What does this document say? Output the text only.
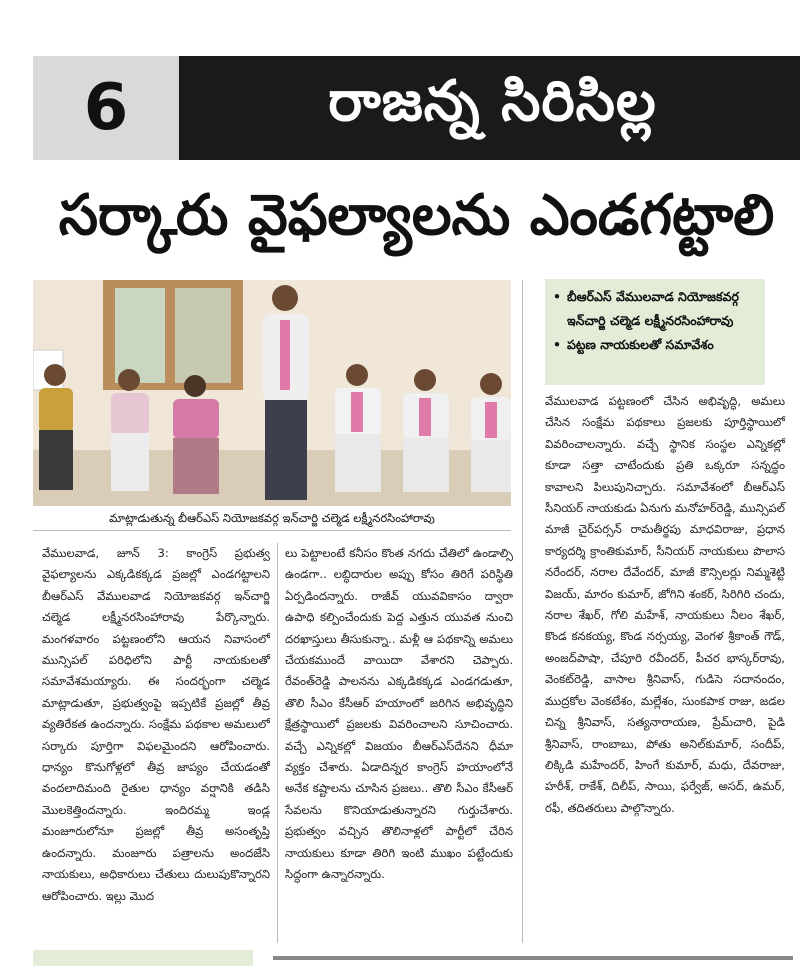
6	రాజన్న సిరిసిల్ల
సర్కారు వైఫల్యాలను ఎండగట్టాలి
మాట్లాడుతున్న బీఆర్ఎస్ నియోజకవర్గ ఇన్‌చార్జి చల్మెడ లక్ష్మీనరసింహారావు
• బీఆర్ఎస్ వేములవాడ నియోజకవర్గ ఇన్‌చార్జి చల్మెడ లక్ష్మీనరసింహారావు
• పట్టణ నాయకులతో సమావేశం

వేములవాడ, జూన్ 3: కాంగ్రెస్ ప్రభుత్వ వైఫల్యాలను ఎక్కడికక్కడ ప్రజల్లో ఎండగట్టాలని బీఆర్ఎస్ వేములవాడ నియోజకవర్గ ఇన్‌చార్జి చల్మెడ లక్ష్మీనరసింహారావు పేర్కొన్నారు. మంగళవారం పట్టణంలోని ఆయన నివాసంలో మున్సిపల్ పరిధిలోని పార్టీ నాయకులతో సమావేశమయ్యారు. ఈ సందర్భంగా చల్మెడ మాట్లాడుతూ, ప్రభుత్వంపై ఇప్పటికే ప్రజల్లో తీవ్ర వ్యతిరేకత ఉందన్నారు. సంక్షేమ పథకాల అమలులో సర్కారు పూర్తిగా విఫలమైందని ఆరోపించారు. ధాన్యం కొనుగోళ్లలో తీవ్ర జాప్యం చేయడంతో వందలాదిమంది రైతుల ధాన్యం వర్షానికి తడిసి మొలకెత్తిందన్నారు. ఇందిరమ్మ ఇండ్ల మంజూరులోనూ ప్రజల్లో తీవ్ర అసంతృప్తి ఉందన్నారు. మంజూరు పత్రాలను అందజేసి నాయకులు, అధికారులు చేతులు దులుపుకొన్నారని ఆరోపించారు. ఇల్లు మొద

లు పెట్టాలంటే కనీసం కొంత నగదు చేతిలో ఉండాల్సి ఉండగా.. లబ్ధిదారుల అప్పు కోసం తిరిగే పరిస్థితి ఏర్పడిందన్నారు. రాజీవ్ యువవికాసం ద్వారా ఉపాధి కల్పించేందుకు పెద్ద ఎత్తున యువత నుంచి దరఖాస్తులు తీసుకున్నా.. మళ్లీ ఆ పథకాన్ని అమలు చేయకముందే వాయిదా వేశారని చెప్పారు. రేవంత్‌రెడ్డి పాలనను ఎక్కడికక్కడ ఎండగడుతూ, తొలి సీఎం కేసీఆర్ హయాంలో జరిగిన అభివృద్ధిని క్షేత్రస్థాయిలో ప్రజలకు వివరించాలని సూచించారు. వచ్చే ఎన్నికల్లో విజయం బీఆర్ఎస్‌దేనని ధీమా వ్యక్తం చేశారు. ఏడాదిన్నర కాంగ్రెస్ హయాంలోనే అనేక కష్టాలను చూసిన ప్రజలు.. తొలి సీఎం కేసీఆర్ సేవలను కొనియాడుతున్నారని గుర్తుచేశారు. ప్రభుత్వం వచ్చిన తొలినాళ్లలో పార్టీలో చేరిన నాయకులు కూడా తిరిగి ఇంటి ముఖం పట్టేందుకు సిద్ధంగా ఉన్నారన్నారు.

వేములవాడ పట్టణంలో చేసిన అభివృద్ధి, అమలు చేసిన సంక్షేమ పథకాలు ప్రజలకు పూర్తిస్థాయిలో వివరించాలన్నారు. వచ్చే స్థానిక సంస్థల ఎన్నికల్లో కూడా సత్తా చాటేందుకు ప్రతి ఒక్కరూ సన్నద్ధం కావాలని పిలుపునిచ్చారు. సమావేశంలో బీఆర్ఎస్ సీనియర్ నాయకుడు ఏనుగు మనోహర్‌రెడ్డి, మున్సిపల్ మాజీ చైర్‌పర్సన్ రామతీర్థపు మాధవిరాజు, ప్రధాన కార్యదర్శి క్రాంతికుమార్, సీనియర్ నాయకులు పొలాస నరేందర్, నరాల దేవేందర్, మాజీ కౌన్సిలర్లు నిమ్మశెట్టి విజయ్, మారం కుమార్, జోగిని శంకర్, సిరిగిరి చందు, నరాల శేఖర్, గోలి మహేశ్, నాయకులు నీలం శేఖర్, కొండ కనకయ్య, కొండ నర్సయ్య, వెంగళ శ్రీకాంత్ గౌడ్, అంజద్‌పాషా, చేపూరి రవీందర్, పీచర భాస్కర్‌రావు, వెంకట్‌రెడ్డి, వాసాల శ్రీనివాస్, గుడిసె సదానందం, ముద్రకోల వెంకటేశం, మల్లేశం, సుంకపాక రాజు, జడల చిన్న శ్రీనివాస్, సత్యనారాయణ, ప్రేమ్‌చారి, పైడి శ్రీనివాస్, రాంబాబు, పోతు అనిల్‌కుమార్, సందీప్, లిక్కిడి మహేందర్, హింగే కుమార్, మధు, దేవరాజు, హరీశ్, రాకేశ్, దిలీప్, సాయి, ఫర్వేజ్, అసద్, ఉమర్, రఫీ, తదితరులు పాల్గొన్నారు.
